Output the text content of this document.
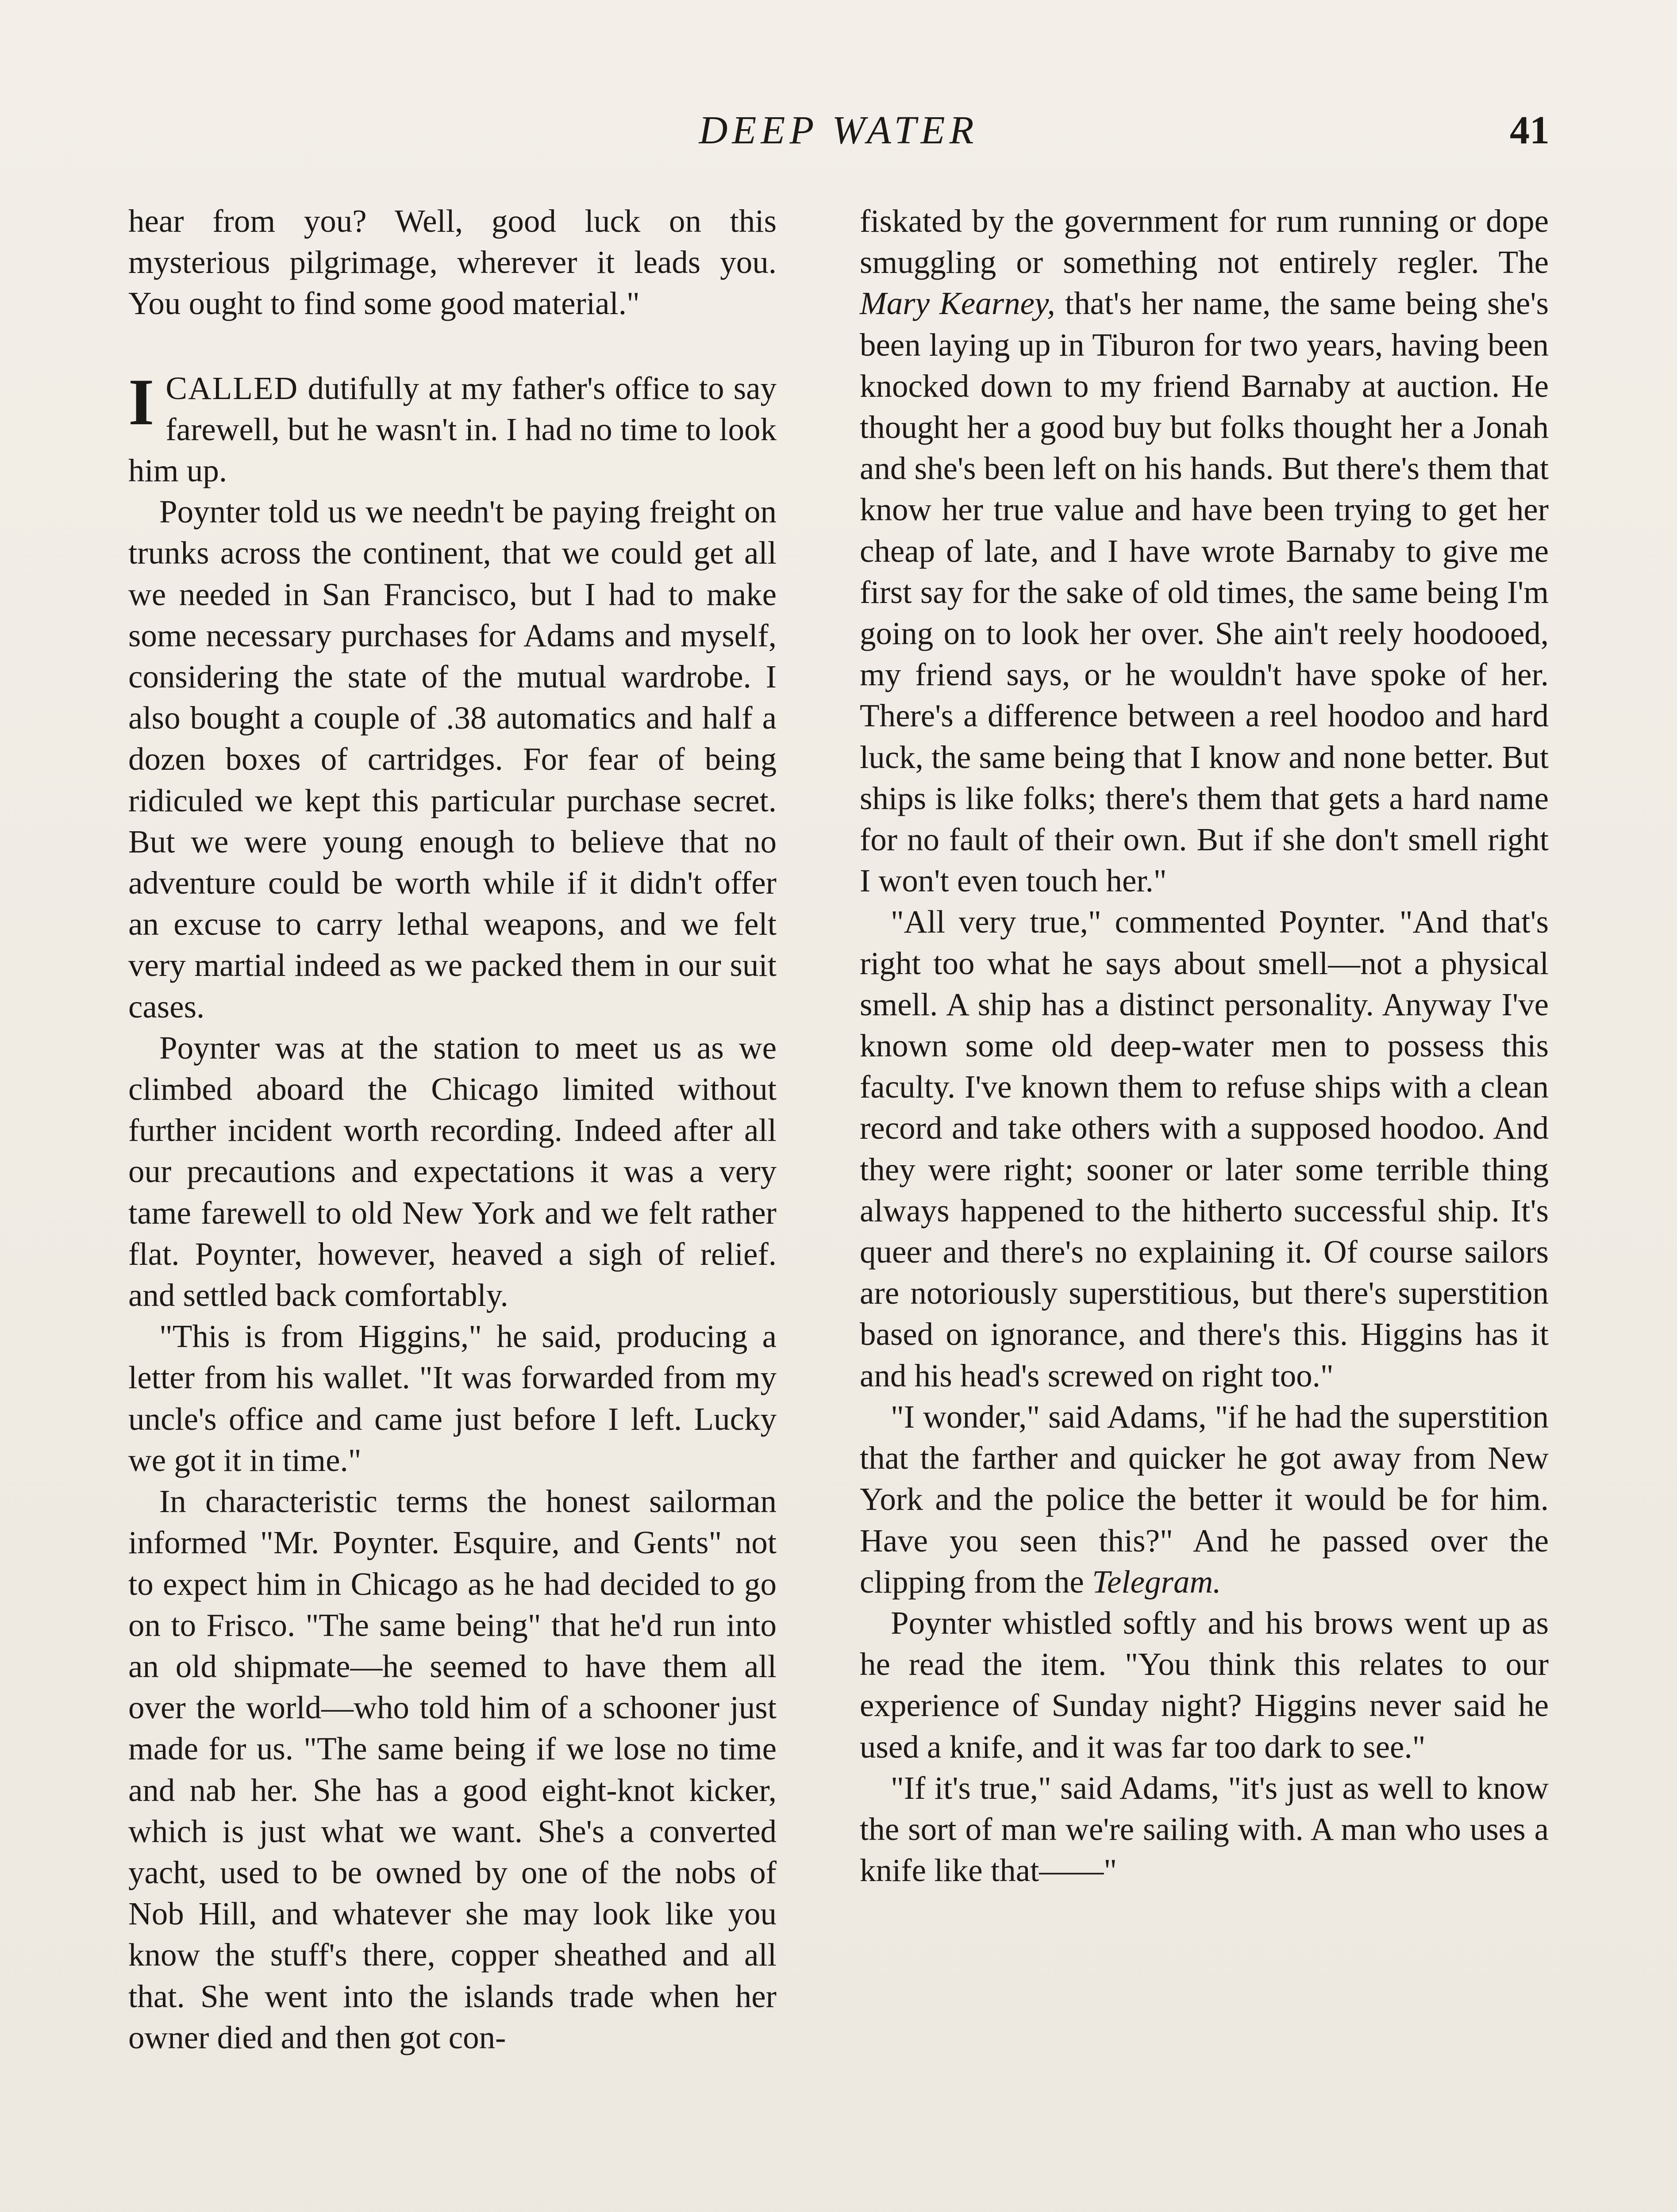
DEEP WATER	41

hear from you? Well, good luck on this mysterious pilgrimage, wherever it leads you. You ought to find some good material."

ICALLED dutifully at my father's office to say farewell, but he wasn't in. I had no time to look him up.

Poynter told us we needn't be paying freight on trunks across the continent, that we could get all we needed in San Francisco, but I had to make some necessary purchases for Adams and myself, considering the state of the mutual wardrobe. I also bought a couple of .38 automatics and half a dozen boxes of cartridges. For fear of being ridiculed we kept this particular purchase secret. But we were young enough to believe that no adventure could be worth while if it didn't offer an excuse to carry lethal weapons, and we felt very martial indeed as we packed them in our suit cases.

Poynter was at the station to meet us as we climbed aboard the Chicago limited without further incident worth recording. Indeed after all our precautions and expectations it was a very tame farewell to old New York and we felt rather flat. Poynter, however, heaved a sigh of relief. and settled back comfortably.

"This is from Higgins," he said, producing a letter from his wallet. "It was forwarded from my uncle's office and came just before I left. Lucky we got it in time."

In characteristic terms the honest sailorman informed "Mr. Poynter. Esquire, and Gents" not to expect him in Chicago as he had decided to go on to Frisco. "The same being" that he'd run into an old shipmate—he seemed to have them all over the world—who told him of a schooner just made for us. "The same being if we lose no time and nab her. She has a good eight-knot kicker, which is just what we want. She's a converted yacht, used to be owned by one of the nobs of Nob Hill, and whatever she may look like you know the stuff's there, copper sheathed and all that. She went into the islands trade when her owner died and then got con-

fiskated by the government for rum running or dope smuggling or something not entirely regler. The Mary Kearney, that's her name, the same being she's been laying up in Tiburon for two years, having been knocked down to my friend Barnaby at auction. He thought her a good buy but folks thought her a Jonah and she's been left on his hands. But there's them that know her true value and have been trying to get her cheap of late, and I have wrote Barnaby to give me first say for the sake of old times, the same being I'm going on to look her over. She ain't reely hoodooed, my friend says, or he wouldn't have spoke of her. There's a difference between a reel hoodoo and hard luck, the same being that I know and none better. But ships is like folks; there's them that gets a hard name for no fault of their own. But if she don't smell right I won't even touch her."

"All very true," commented Poynter. "And that's right too what he says about smell—not a physical smell. A ship has a distinct personality. Anyway I've known some old deep-water men to possess this faculty. I've known them to refuse ships with a clean record and take others with a supposed hoodoo. And they were right; sooner or later some terrible thing always happened to the hitherto successful ship. It's queer and there's no explaining it. Of course sailors are notoriously superstitious, but there's superstition based on ignorance, and there's this. Higgins has it and his head's screwed on right too."

"I wonder," said Adams, "if he had the superstition that the farther and quicker he got away from New York and the police the better it would be for him. Have you seen this?" And he passed over the clipping from the Telegram.

Poynter whistled softly and his brows went up as he read the item. "You think this relates to our experience of Sunday night? Higgins never said he used a knife, and it was far too dark to see."

"If it's true," said Adams, "it's just as well to know the sort of man we're sailing with. A man who uses a knife like that——"
